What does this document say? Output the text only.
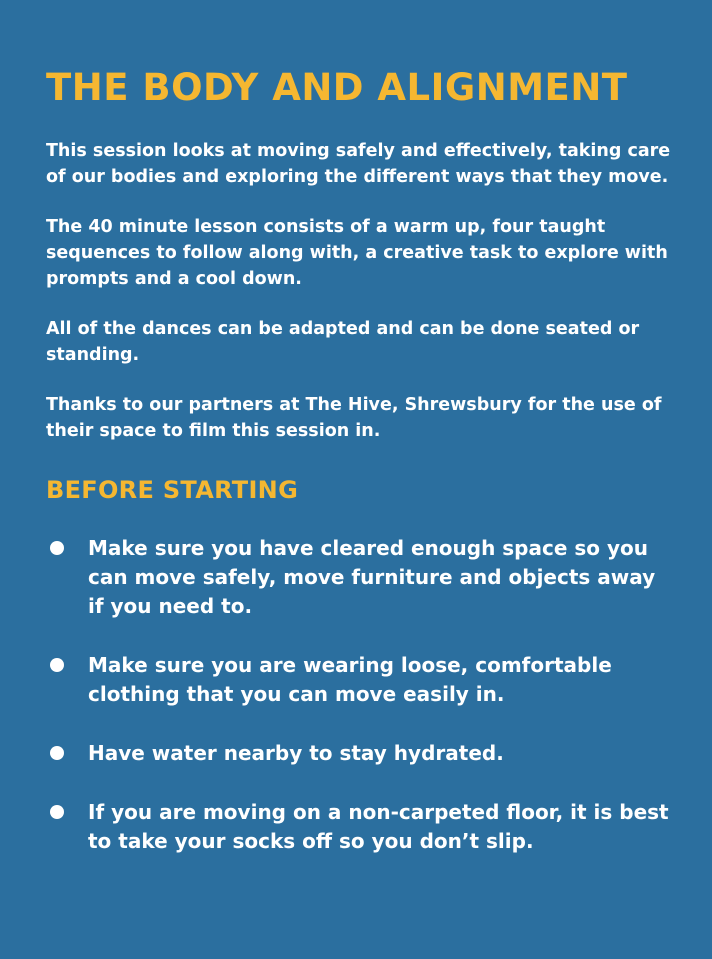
THE BODY AND ALIGNMENT

This session looks at moving safely and effectively, taking care of our bodies and exploring the different ways that they move.

The 40 minute lesson consists of a warm up, four taught sequences to follow along with, a creative task to explore with prompts and a cool down.

All of the dances can be adapted and can be done seated or standing.

Thanks to our partners at The Hive, Shrewsbury for the use of their space to film this session in.

BEFORE STARTING
Make sure you have cleared enough space so you can move safely, move furniture and objects away if you need to.
Make sure you are wearing loose, comfortable clothing that you can move easily in.
Have water nearby to stay hydrated.
If you are moving on a non-carpeted floor, it is best to take your socks off so you don’t slip.
